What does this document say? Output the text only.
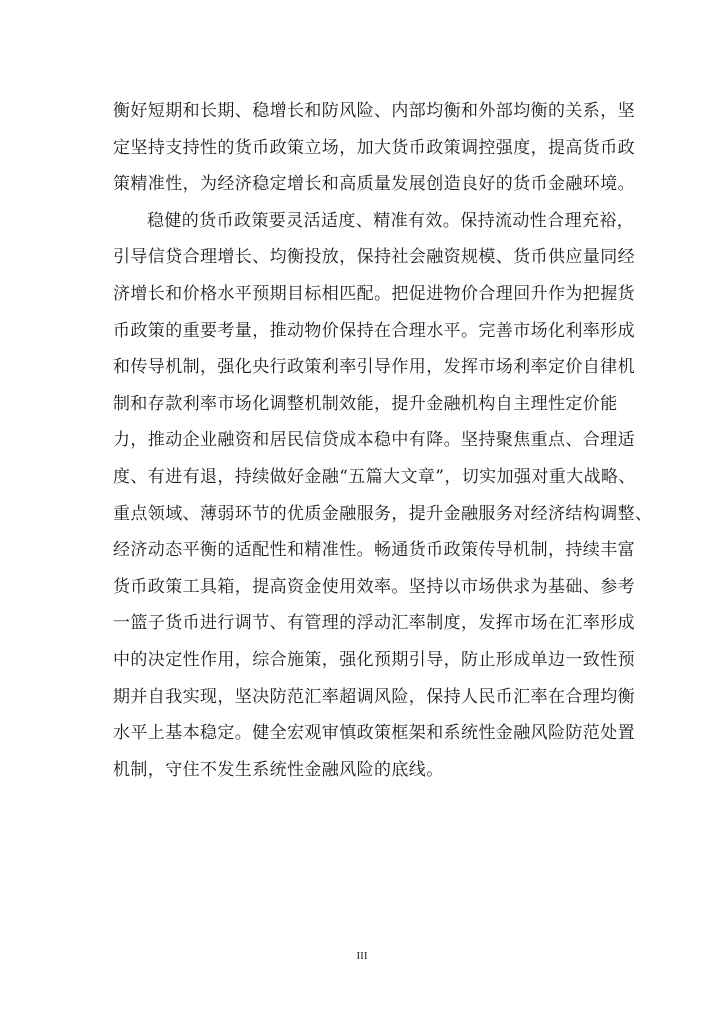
衡好短期和长期、稳增长和防风险、内部均衡和外部均衡的关系，坚
定坚持支持性的货币政策立场，加大货币政策调控强度，提高货币政
策精准性，为经济稳定增长和高质量发展创造良好的货币金融环境。
稳健的货币政策要灵活适度、精准有效。保持流动性合理充裕，
引导信贷合理增长、均衡投放，保持社会融资规模、货币供应量同经
济增长和价格水平预期目标相匹配。把促进物价合理回升作为把握货
币政策的重要考量，推动物价保持在合理水平。完善市场化利率形成
和传导机制，强化央行政策利率引导作用，发挥市场利率定价自律机
制和存款利率市场化调整机制效能，提升金融机构自主理性定价能
力，推动企业融资和居民信贷成本稳中有降。坚持聚焦重点、合理适
度、有进有退，持续做好金融“五篇大文章”，切实加强对重大战略、
重点领域、薄弱环节的优质金融服务，提升金融服务对经济结构调整、
经济动态平衡的适配性和精准性。畅通货币政策传导机制，持续丰富
货币政策工具箱，提高资金使用效率。坚持以市场供求为基础、参考
一篮子货币进行调节、有管理的浮动汇率制度，发挥市场在汇率形成
中的决定性作用，综合施策，强化预期引导，防止形成单边一致性预
期并自我实现，坚决防范汇率超调风险，保持人民币汇率在合理均衡
水平上基本稳定。健全宏观审慎政策框架和系统性金融风险防范处置
机制，守住不发生系统性金融风险的底线。
III
